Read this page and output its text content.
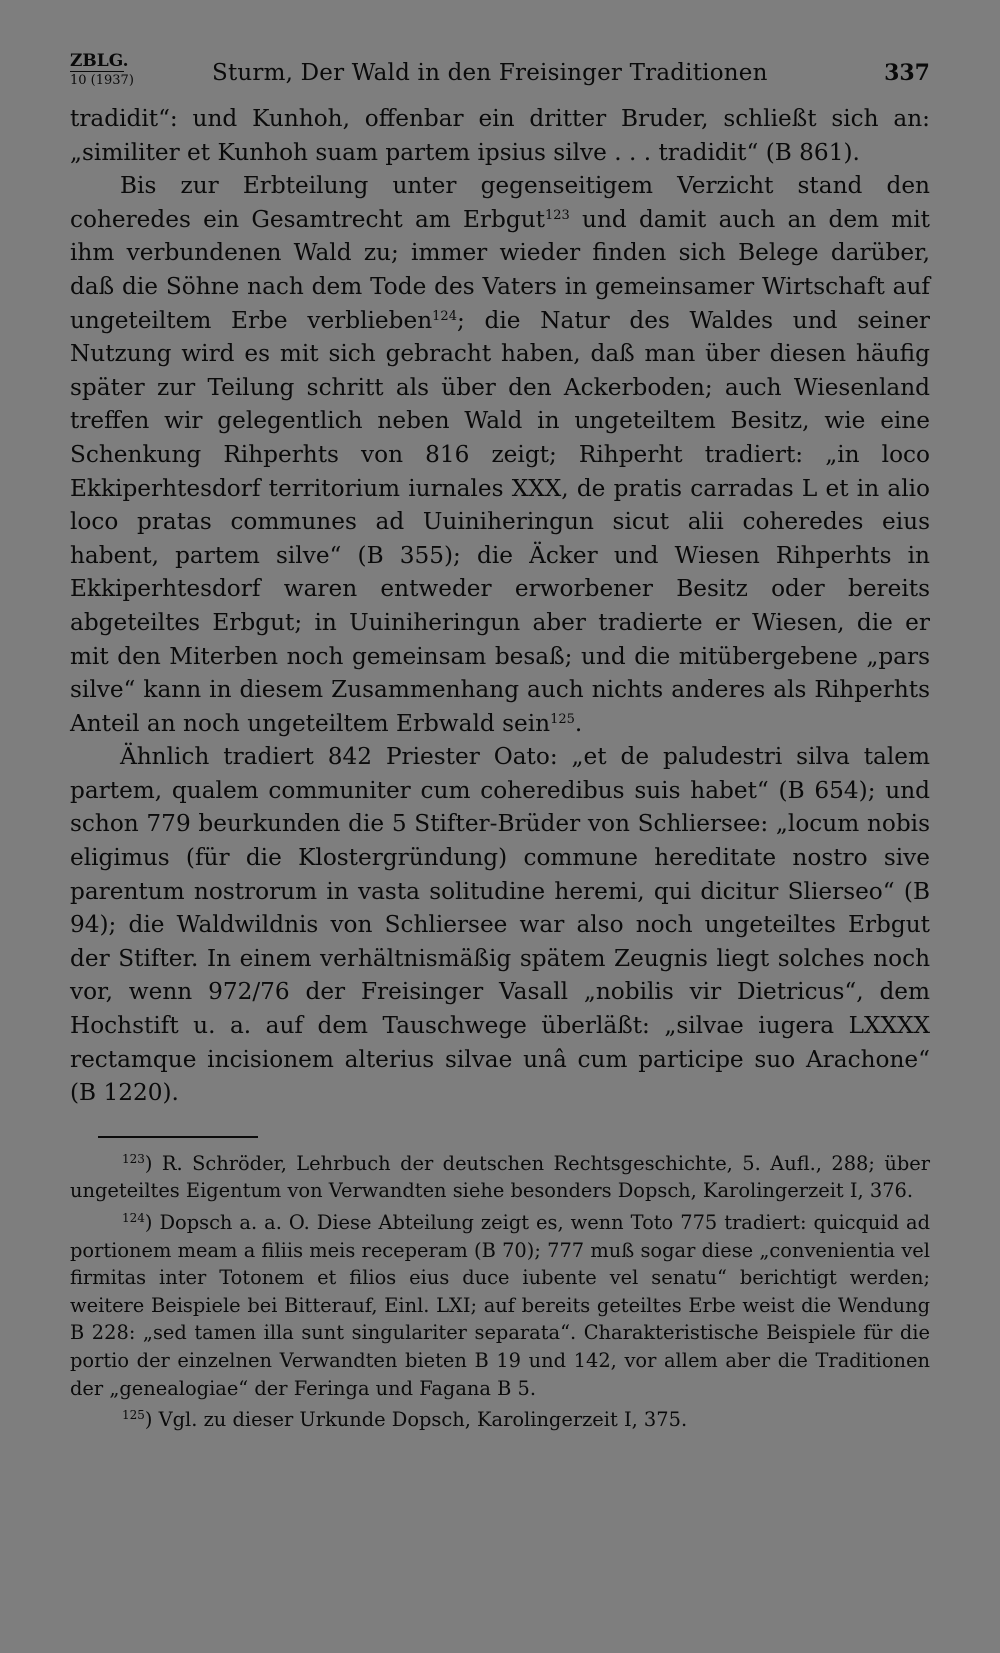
ZBLG.
10 (1937)	Sturm, Der Wald in den Freisinger Traditionen	337

tradidit“: und Kunhoh, offenbar ein dritter Bruder, schließt sich an: „similiter et Kunhoh suam partem ipsius silve . . . tradidit“ (B 861).

Bis zur Erbteilung unter gegenseitigem Verzicht stand den coheredes ein Gesamtrecht am Erbgut$^{123}$ und damit auch an dem mit ihm verbundenen Wald zu; immer wieder finden sich Belege darüber, daß die Söhne nach dem Tode des Vaters in gemeinsamer Wirtschaft auf ungeteiltem Erbe verblieben$^{124}$; die Natur des Waldes und seiner Nutzung wird es mit sich gebracht haben, daß man über diesen häufig später zur Teilung schritt als über den Ackerboden; auch Wiesenland treffen wir gelegentlich neben Wald in ungeteiltem Besitz, wie eine Schenkung Rihperhts von 816 zeigt; Rihperht tradiert: „in loco Ekkiperhtesdorf territorium iurnales XXX, de pratis carradas L et in alio loco pratas communes ad Uuiniheringun sicut alii coheredes eius habent, partem silve“ (B 355); die Äcker und Wiesen Rihperhts in Ekkiperhtesdorf waren entweder erworbener Besitz oder bereits abgeteiltes Erbgut; in Uuiniheringun aber tradierte er Wiesen, die er mit den Miterben noch gemeinsam besaß; und die mitübergebene „pars silve“ kann in diesem Zusammenhang auch nichts anderes als Rihperhts Anteil an noch ungeteiltem Erbwald sein$^{125}$.

Ähnlich tradiert 842 Priester Oato: „et de paludestri silva talem partem, qualem communiter cum coheredibus suis habet“ (B 654); und schon 779 beurkunden die 5 Stifter-Brüder von Schliersee: „locum nobis eligimus (für die Klostergründung) commune hereditate nostro sive parentum nostrorum in vasta solitudine heremi, qui dicitur Slierseo“ (B 94); die Waldwildnis von Schliersee war also noch ungeteiltes Erbgut der Stifter. In einem verhältnismäßig spätem Zeugnis liegt solches noch vor, wenn 972/76 der Freisinger Vasall „nobilis vir Dietricus“, dem Hochstift u. a. auf dem Tauschwege überläßt: „silvae iugera LXXXX rectamque incisionem alterius silvae unâ cum participe suo Arachone“ (B 1220).

$^{123}$) R. Schröder, Lehrbuch der deutschen Rechtsgeschichte, 5. Aufl., 288; über ungeteiltes Eigentum von Verwandten siehe besonders Dopsch, Karolingerzeit I, 376.

$^{124}$) Dopsch a. a. O. Diese Abteilung zeigt es, wenn Toto 775 tradiert: quicquid ad portionem meam a filiis meis receperam (B 70); 777 muß sogar diese „convenientia vel firmitas inter Totonem et filios eius duce iubente vel senatu“ berichtigt werden; weitere Beispiele bei Bitterauf, Einl. LXI; auf bereits geteiltes Erbe weist die Wendung B 228: „sed tamen illa sunt singulariter separata“. Charakteristische Beispiele für die portio der einzelnen Verwandten bieten B 19 und 142, vor allem aber die Traditionen der „genealogiae“ der Feringa und Fagana B 5.

$^{125}$) Vgl. zu dieser Urkunde Dopsch, Karolingerzeit I, 375.
